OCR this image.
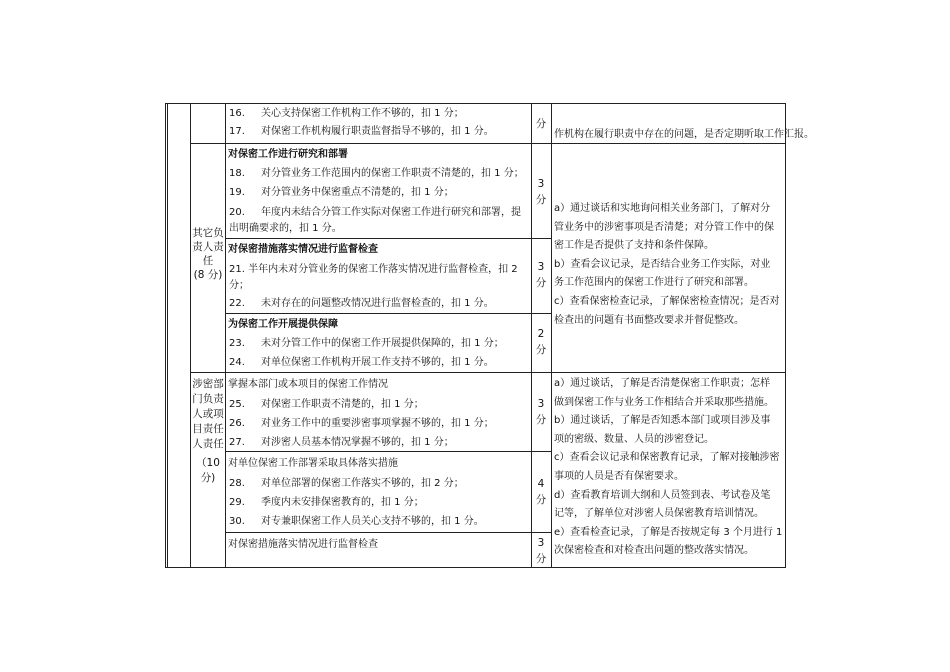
16. 关心支持保密工作机构工作不够的，扣 1 分；
17. 对保密工作机构履行职责监督指导不够的，扣 1 分。
分
作机构在履行职责中存在的问题，是否定期听取工作汇报。
其它负
责人责
任
(8 分)
对保密工作进行研究和部署
18. 对分管业务工作范围内的保密工作职责不清楚的，扣 1 分；
19. 对分管业务中保密重点不清楚的，扣 1 分；
20. 年度内未结合分管工作实际对保密工作进行研究和部署，提
出明确要求的，扣 1 分。
3
分
对保密措施落实情况进行监督检查
21. 半年内未对分管业务的保密工作落实情况进行监督检查，扣 2
分；
22. 未对存在的问题整改情况进行监督检查的，扣 1 分。
3
分
为保密工作开展提供保障
23. 未对分管工作中的保密工作开展提供保障的，扣 1 分；
24. 对单位保密工作机构开展工作支持不够的，扣 1 分。
2
分
a）通过谈话和实地询问相关业务部门，了解对分
管业务中的涉密事项是否清楚；对分管工作中的保
密工作是否提供了支持和条件保障。
b）查看会议记录，是否结合业务工作实际，对业
务工作范围内的保密工作进行了研究和部署。
c）查看保密检查记录，了解保密检查情况；是否对
检查出的问题有书面整改要求并督促整改。
涉密部
门负责
人或项
目责任
人责任
（10
分)
掌握本部门或本项目的保密工作情况
25. 对保密工作职责不清楚的，扣 1 分；
26. 对业务工作中的重要涉密事项掌握不够的，扣 1 分；
27. 对涉密人员基本情况掌握不够的，扣 1 分；
3
分
对单位保密工作部署采取具体落实措施
28. 对单位部署的保密工作落实不够的，扣 2 分；
29. 季度内未安排保密教育的，扣 1 分；
30. 对专兼职保密工作人员关心支持不够的，扣 1 分。
4
分
对保密措施落实情况进行监督检查	3
分
a）通过谈话，了解是否清楚保密工作职责；怎样
做到保密工作与业务工作相结合并采取那些措施。
b）通过谈话，了解是否知悉本部门或项目涉及事
项的密级、数量、人员的涉密登记。
c）查看会议记录和保密教育记录，了解对接触涉密
事项的人员是否有保密要求。
d）查看教育培训大纲和人员签到表、考试卷及笔
记等，了解单位对涉密人员保密教育培训情况。
e）查看检查记录，了解是否按规定每 3 个月进行 1
次保密检查和对检查出问题的整改落实情况。
